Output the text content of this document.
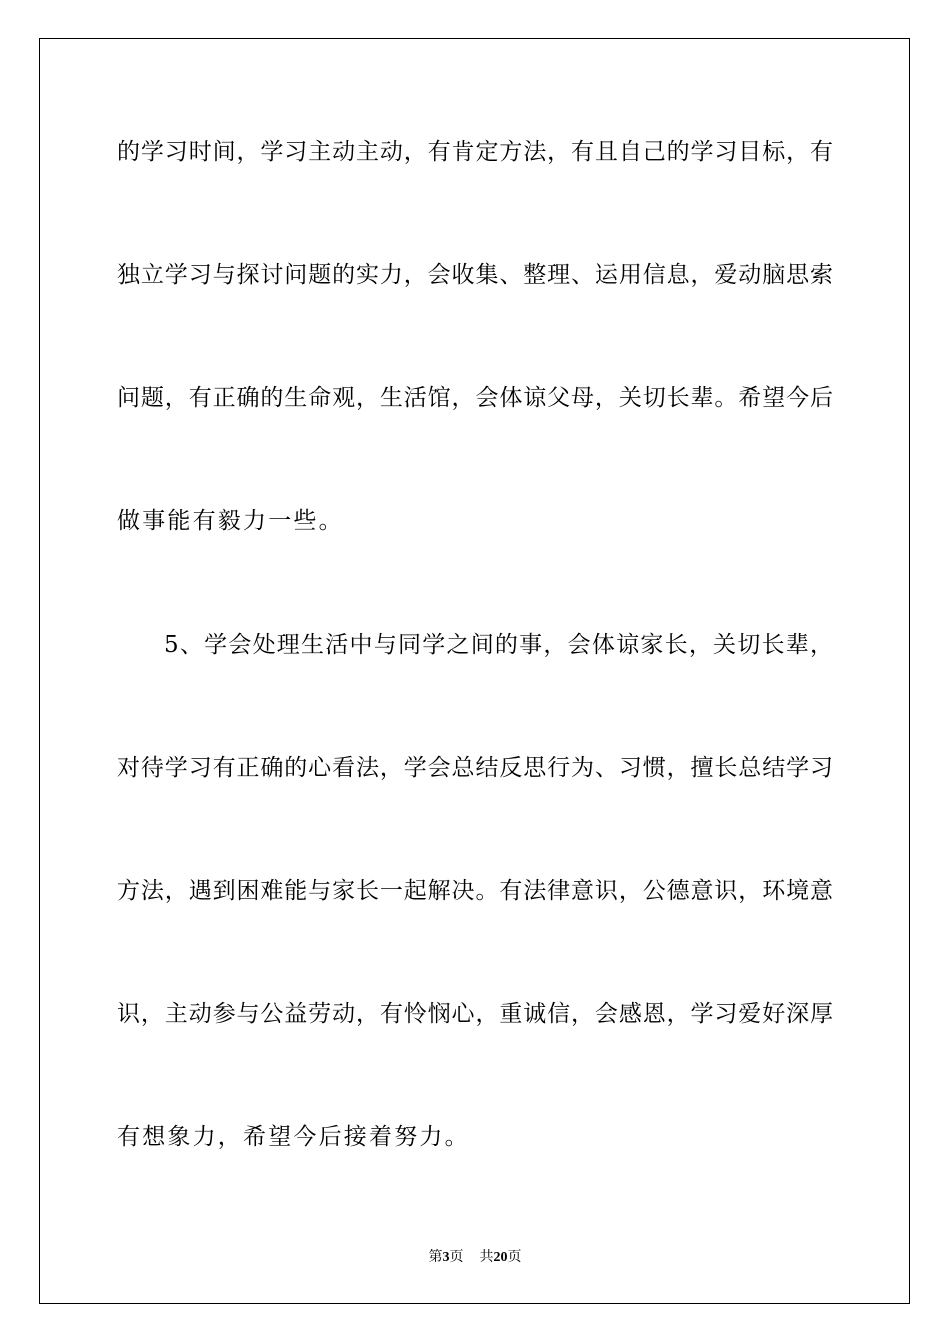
的学习时间，学习主动主动，有肯定方法，有且自己的学习目标，有
独立学习与探讨问题的实力，会收集、整理、运用信息，爱动脑思索
问题，有正确的生命观，生活馆，会体谅父母，关切长辈。希望今后
做事能有毅力一些。
5、学会处理生活中与同学之间的事，会体谅家长，关切长辈，
对待学习有正确的心看法，学会总结反思行为、习惯，擅长总结学习
方法，遇到困难能与家长一起解决。有法律意识，公德意识，环境意
识，主动参与公益劳动，有怜悯心，重诚信，会感恩，学习爱好深厚
有想象力，希望今后接着努力。
第3页 共20页
